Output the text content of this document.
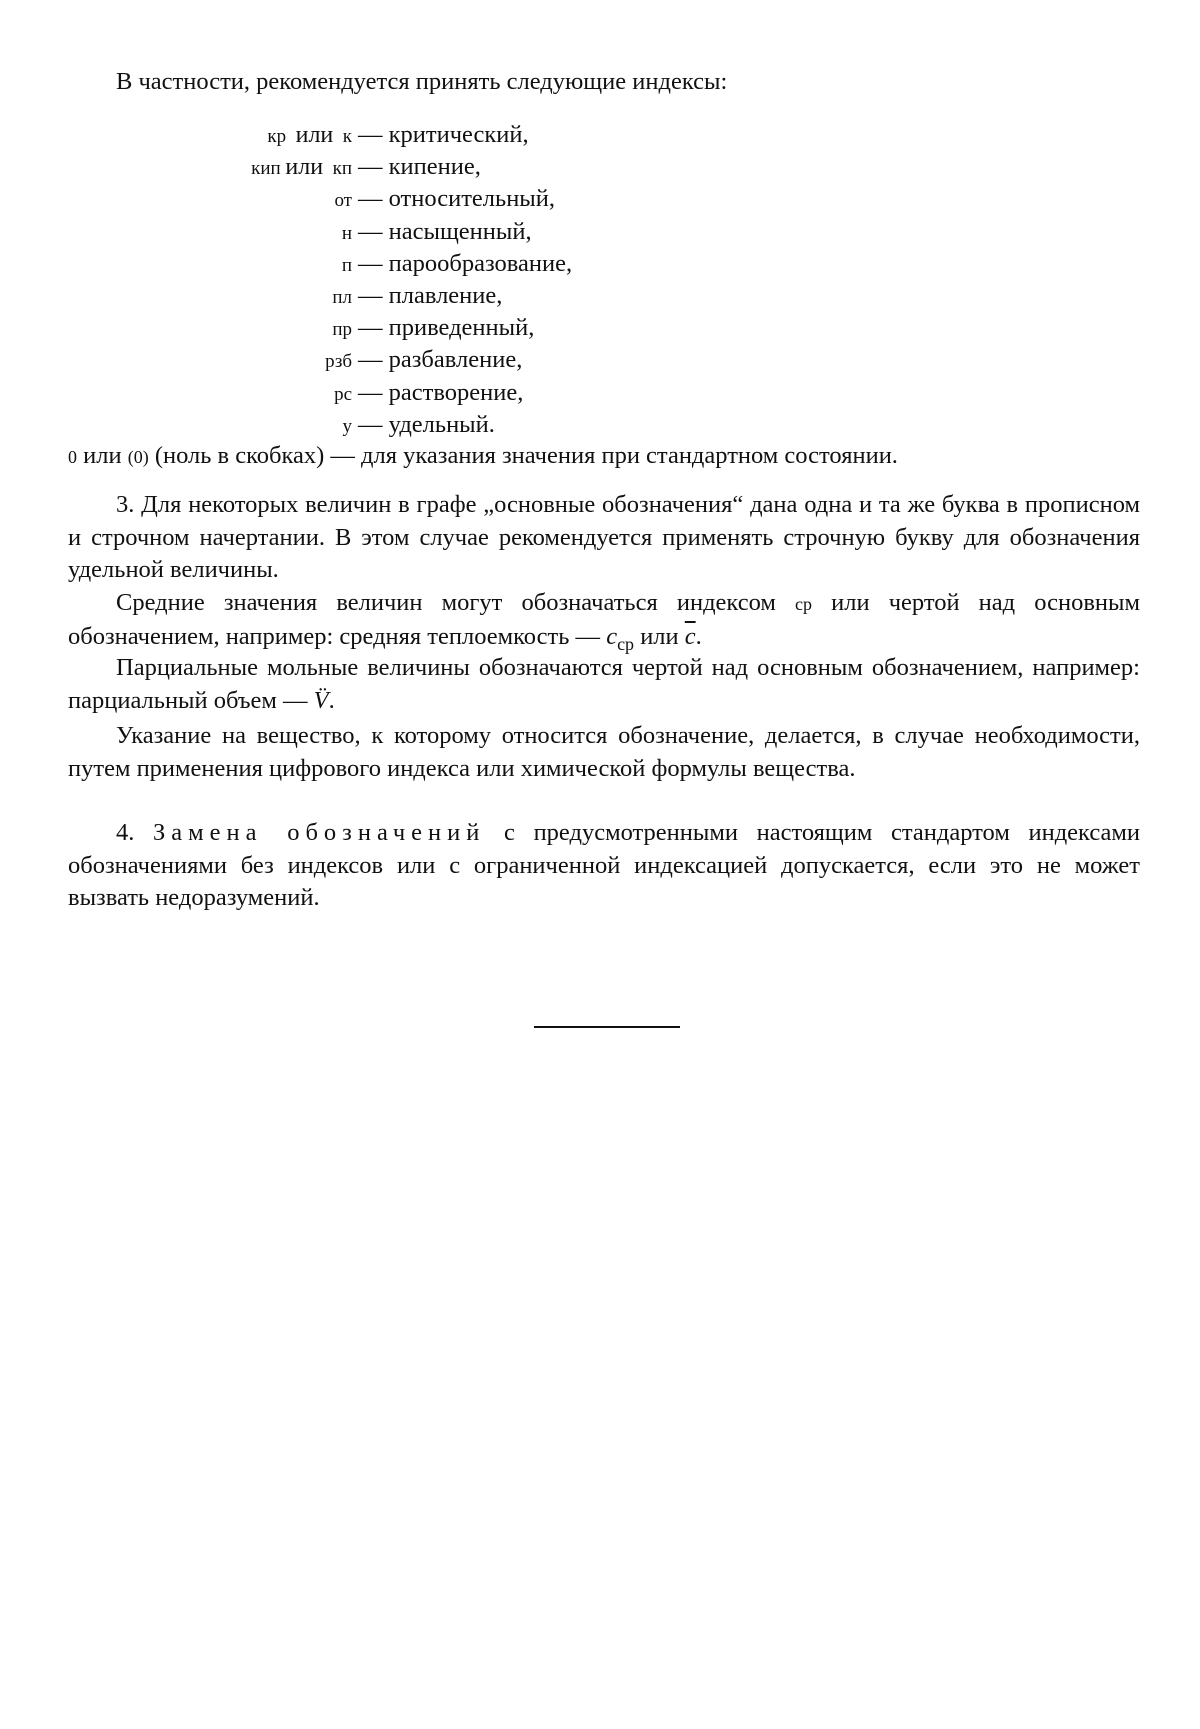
В частности, рекомендуется принять следующие индексы:
кр или к — критический,
кип или кп — кипение,
от — относительный,
н — насыщенный,
п — парообразование,
пл — плавление,
пр — приведенный,
рзб — разбавление,
рс — растворение,
у — удельный.
0 или (0) (ноль в скобках) — для указания значения при стандартном состоянии.
3. Для некоторых величин в графе „основные обозначения“ дана одна и та же буква в прописном и строчном начертании. В этом случае рекомендуется применять строчную букву для обозначения удельной величины.
Средние значения величин могут обозначаться индексом ср или чертой над основным обозначением, например: средняя теплоемкость — $c_{ср}$ или $\overline{c}$.
Парциальные мольные величины обозначаются чертой над основным обозначением, например: парциальный объем — V̈.
Указание на вещество, к которому относится обозначение, делается, в случае необходимости, путем применения цифрового индекса или химической формулы вещества.
4. Замена обозначений с предусмотренными настоящим стандартом индексами обозначениями без индексов или с ограниченной индексацией допускается, если это не может вызвать недоразумений.
